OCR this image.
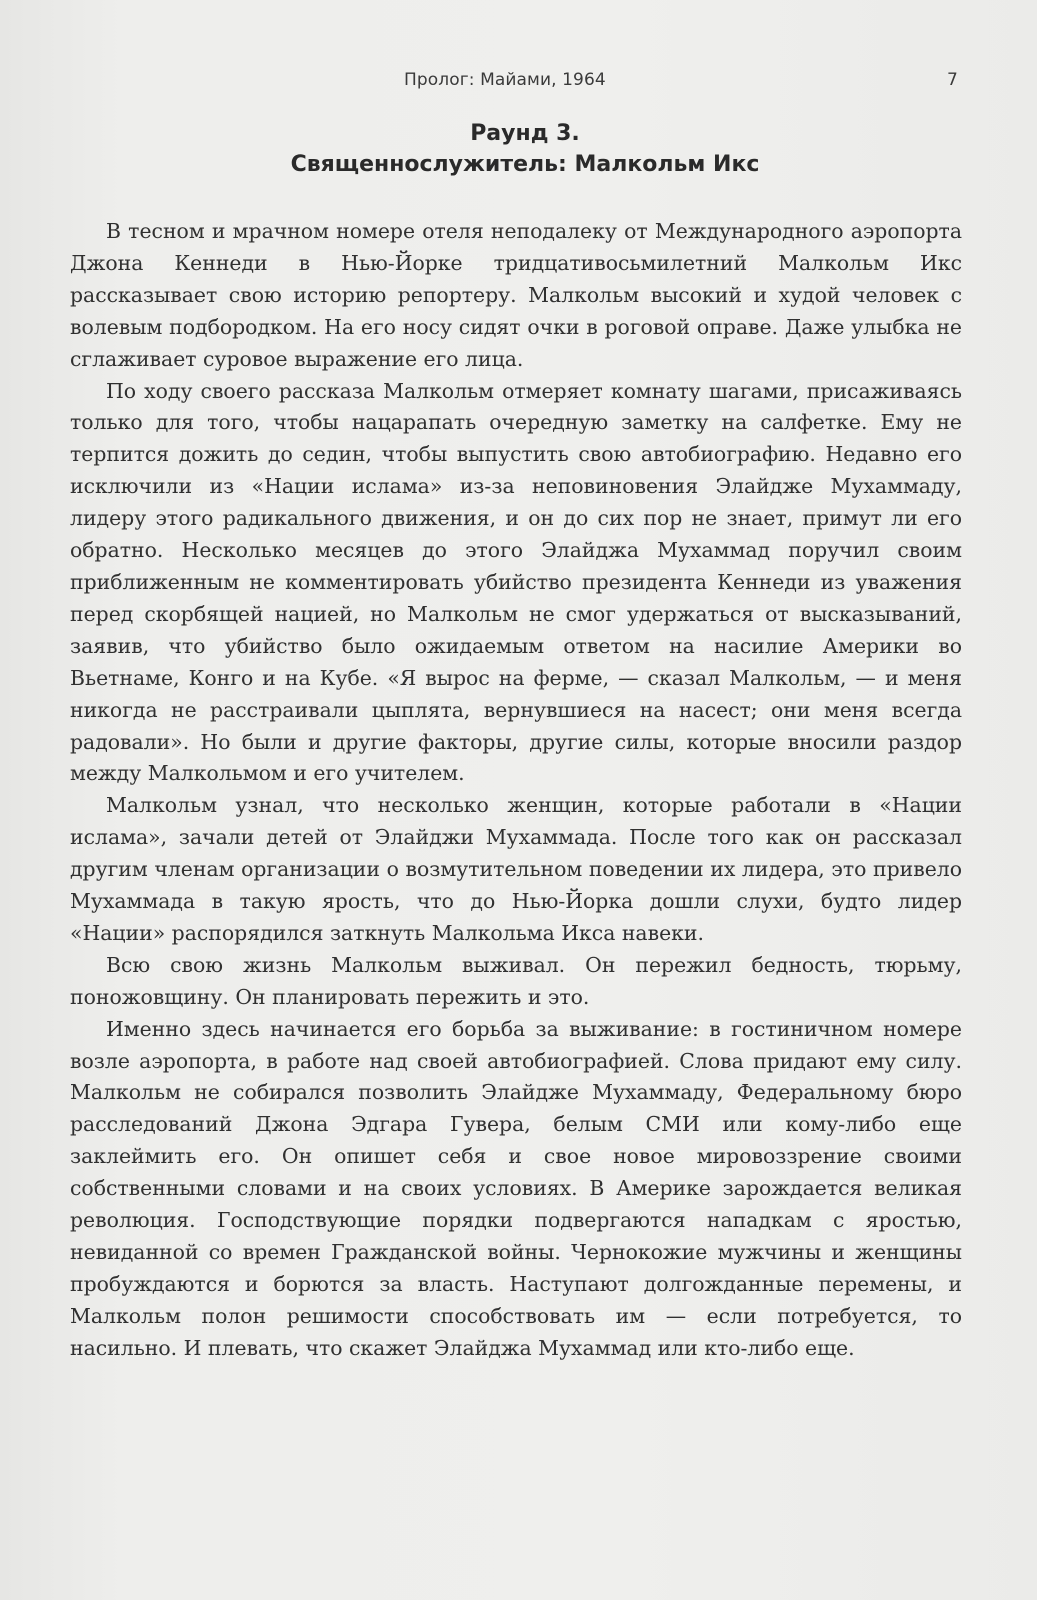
Пролог: Майами, 1964	7
Раунд 3.
Священнослужитель: Малкольм Икс

В тесном и мрачном номере отеля неподалеку от Международного аэропорта Джона Кеннеди в Нью-Йорке тридцативосьмилетний Малкольм Икс рассказывает свою историю репортеру. Малкольм высокий и худой человек с волевым подбородком. На его носу сидят очки в роговой оправе. Даже улыбка не сглаживает суровое выражение его лица.

По ходу своего рассказа Малкольм отмеряет комнату шагами, присаживаясь только для того, чтобы нацарапать очередную заметку на салфетке. Ему не терпится дожить до седин, чтобы выпустить свою автобиографию. Недавно его исключили из «Нации ислама» из-за неповиновения Элайдже Мухаммаду, лидеру этого радикального движения, и он до сих пор не знает, примут ли его обратно. Несколько месяцев до этого Элайджа Мухаммад поручил своим приближенным не комментировать убийство президента Кеннеди из уважения перед скорбящей нацией, но Малкольм не смог удержаться от высказываний, заявив, что убийство было ожидаемым ответом на насилие Америки во Вьетнаме, Конго и на Кубе. «Я вырос на ферме, — сказал Малкольм, — и меня никогда не расстраивали цыплята, вернувшиеся на насест; они меня всегда радовали». Но были и другие факторы, другие силы, которые вносили раздор между Малкольмом и его учителем.

Малкольм узнал, что несколько женщин, которые работали в «Нации ислама», зачали детей от Элайджи Мухаммада. После того как он рассказал другим членам организации о возмутительном поведении их лидера, это привело Мухаммада в такую ярость, что до Нью-Йорка дошли слухи, будто лидер «Нации» распорядился заткнуть Малкольма Икса навеки.

Всю свою жизнь Малкольм выживал. Он пережил бедность, тюрьму, поножовщину. Он планировать пережить и это.

Именно здесь начинается его борьба за выживание: в гостиничном номере возле аэропорта, в работе над своей автобиографией. Слова придают ему силу. Малкольм не собирался позволить Элайдже Мухаммаду, Федеральному бюро расследований Джона Эдгара Гувера, белым СМИ или кому-либо еще заклеймить его. Он опишет себя и свое новое мировоззрение своими собственными словами и на своих условиях. В Америке зарождается великая революция. Господствующие порядки подвергаются нападкам с яростью, невиданной со времен Гражданской войны. Чернокожие мужчины и женщины пробуждаются и борются за власть. Наступают долгожданные перемены, и Малкольм полон решимости способствовать им — если потребуется, то насильно. И плевать, что скажет Элайджа Мухаммад или кто-либо еще.
